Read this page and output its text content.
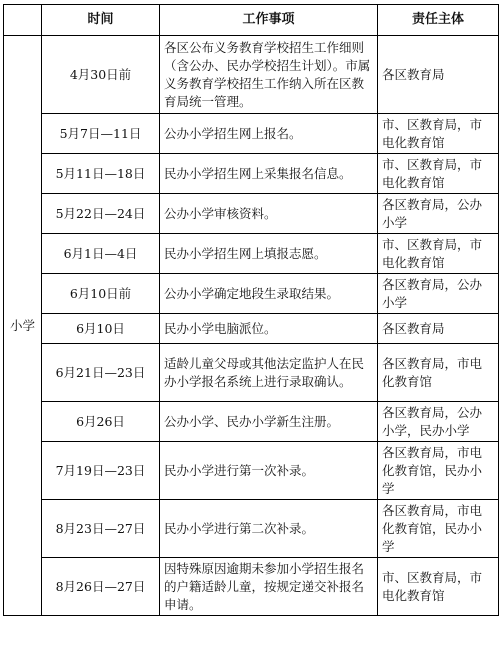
	时间	工作事项	责任主体
小学	4月30日前	各区公布义务教育学校招生工作细则（含公办、民办学校招生计划）。市属义务教育学校招生工作纳入所在区教育局统一管理。	各区教育局
	5月7日—11日	公办小学招生网上报名。	市、区教育局，市电化教育馆
	5月11日—18日	民办小学招生网上采集报名信息。	市、区教育局，市电化教育馆
	5月22日—24日	公办小学审核资料。	各区教育局，公办小学
	6月1日—4日	民办小学招生网上填报志愿。	市、区教育局，市电化教育馆
	6月10日前	公办小学确定地段生录取结果。	各区教育局，公办小学
	6月10日	民办小学电脑派位。	各区教育局
	6月21日—23日	适龄儿童父母或其他法定监护人在民办小学报名系统上进行录取确认。	各区教育局，市电化教育馆
	6月26日	公办小学、民办小学新生注册。	各区教育局，公办小学，民办小学
	7月19日—23日	民办小学进行第一次补录。	各区教育局，市电化教育馆，民办小学
	8月23日—27日	民办小学进行第二次补录。	各区教育局，市电化教育馆，民办小学
	8月26日—27日	因特殊原因逾期未参加小学招生报名的户籍适龄儿童，按规定递交补报名申请。	市、区教育局，市电化教育馆
